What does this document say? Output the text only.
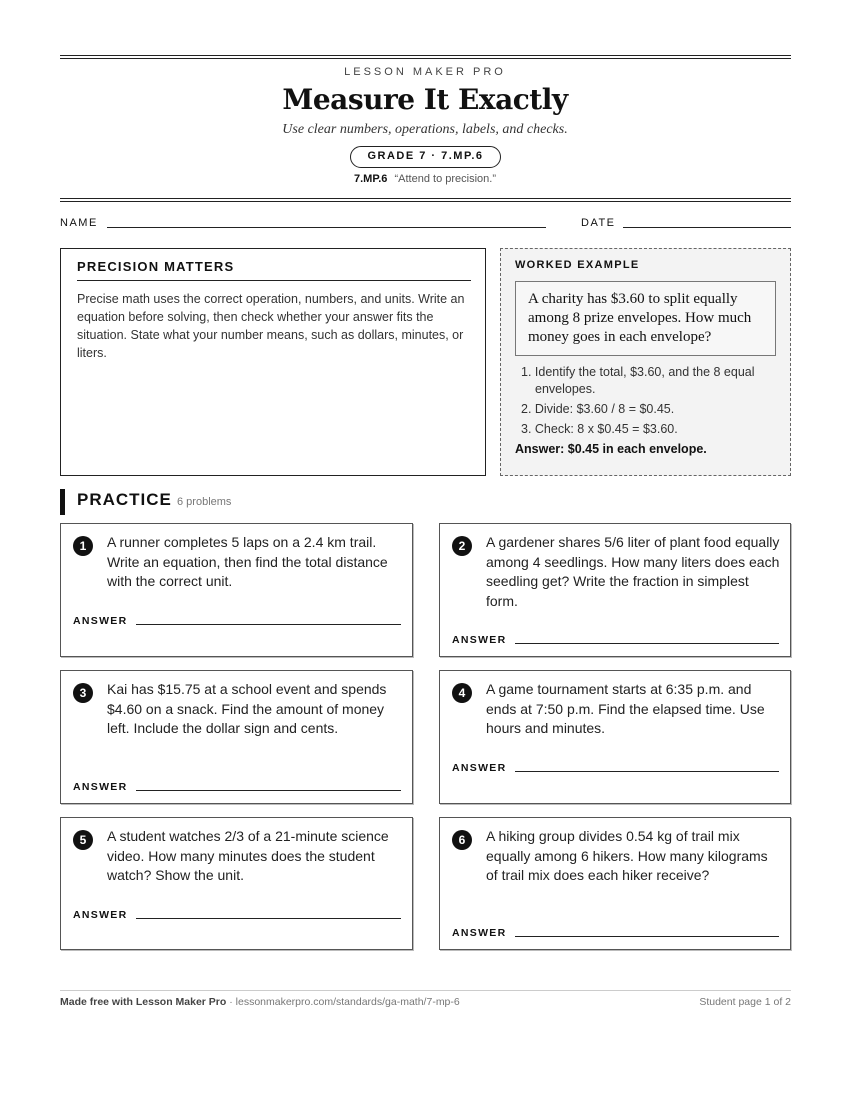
LESSON MAKER PRO
Measure It Exactly
Use clear numbers, operations, labels, and checks.
GRADE 7 · 7.MP.6
7.MP.6 “Attend to precision.”
NAME	DATE
PRECISION MATTERS
Precise math uses the correct operation, numbers, and units. Write an equation before solving, then check whether your answer fits the situation. State what your number means, such as dollars, minutes, or liters.
WORKED EXAMPLE
A charity has $3.60 to split equally among 8 prize envelopes. How much money goes in each envelope?
1. Identify the total, $3.60, and the 8 equal envelopes.
2. Divide: $3.60 / 8 = $0.45.
3. Check: 8 x $0.45 = $3.60.
Answer: $0.45 in each envelope.
PRACTICE 6 problems
1	A runner completes 5 laps on a 2.4 km trail. Write an equation, then find the total distance with the correct unit.
ANSWER
2	A gardener shares 5/6 liter of plant food equally among 4 seedlings. How many liters does each seedling get? Write the fraction in simplest form.
ANSWER
3	Kai has $15.75 at a school event and spends $4.60 on a snack. Find the amount of money left. Include the dollar sign and cents.
ANSWER
4	A game tournament starts at 6:35 p.m. and ends at 7:50 p.m. Find the elapsed time. Use hours and minutes.
ANSWER
5	A student watches 2/3 of a 21-minute science video. How many minutes does the student watch? Show the unit.
ANSWER
6	A hiking group divides 0.54 kg of trail mix equally among 6 hikers. How many kilograms of trail mix does each hiker receive?
ANSWER
Made free with Lesson Maker Pro · lessonmakerpro.com/standards/ga-math/7-mp-6	Student page 1 of 2
